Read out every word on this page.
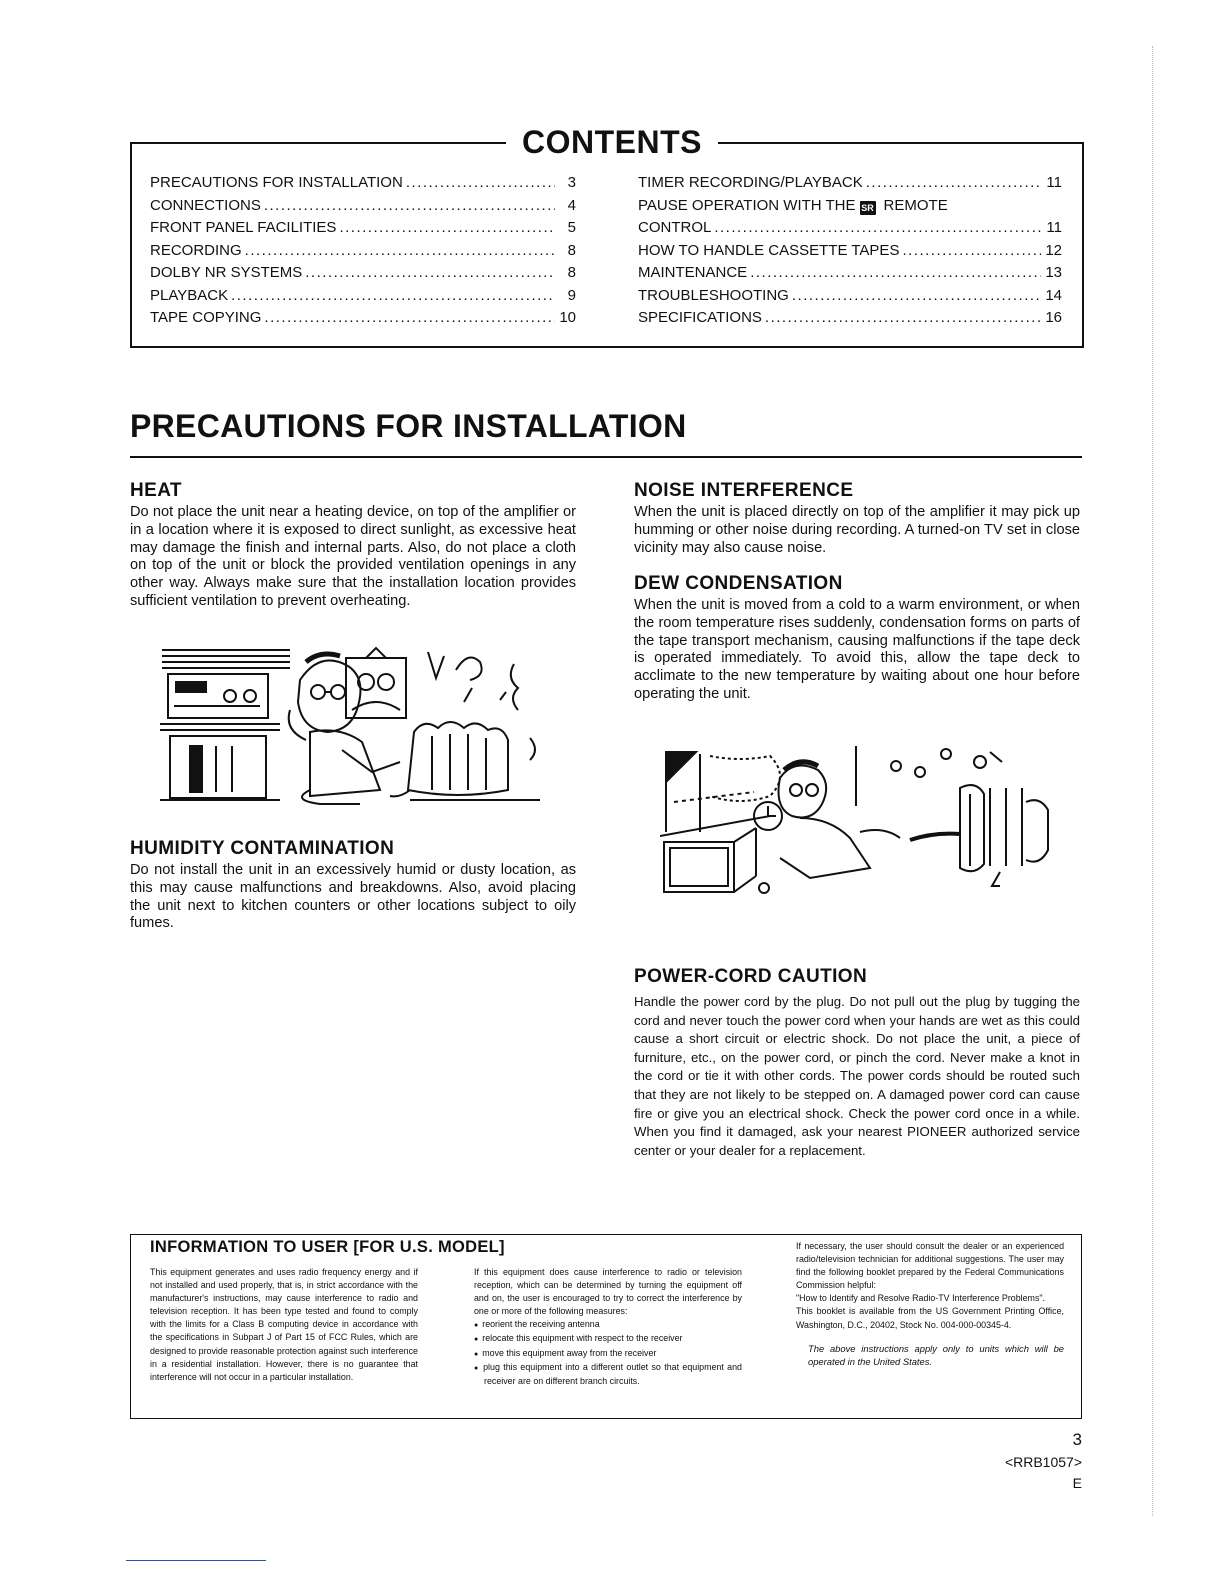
CONTENTS
PRECAUTIONS FOR INSTALLATION .....	3
CONNECTIONS .....	4
FRONT PANEL FACILITIES .....	5
RECORDING .....	8
DOLBY NR SYSTEMS .....	8
PLAYBACK .....	9
TAPE COPYING .....	10
TIMER RECORDING/PLAYBACK .....	11
PAUSE OPERATION WITH THE SR REMOTE
CONTROL .....	11
HOW TO HANDLE CASSETTE TAPES .....	12
MAINTENANCE .....	13
TROUBLESHOOTING .....	14
SPECIFICATIONS .....	16
PRECAUTIONS FOR INSTALLATION
HEAT
Do not place the unit near a heating device, on top of the amplifier or in a location where it is exposed to direct sunlight, as excessive heat may damage the finish and internal parts. Also, do not place a cloth on top of the unit or block the provided ventilation openings in any other way. Always make sure that the installation location provides sufficient ventilation to prevent overheating.
HUMIDITY CONTAMINATION
Do not install the unit in an excessively humid or dusty location, as this may cause malfunctions and breakdowns. Also, avoid placing the unit next to kitchen counters or other locations subject to oily fumes.
NOISE INTERFERENCE
When the unit is placed directly on top of the amplifier it may pick up humming or other noise during recording. A turned-on TV set in close vicinity may also cause noise.
DEW CONDENSATION
When the unit is moved from a cold to a warm environment, or when the room temperature rises suddenly, condensation forms on parts of the tape transport mechanism, causing malfunctions if the tape deck is operated immediately. To avoid this, allow the tape deck to acclimate to the new temperature by waiting about one hour before operating the unit.
POWER-CORD CAUTION
Handle the power cord by the plug. Do not pull out the plug by tugging the cord and never touch the power cord when your hands are wet as this could cause a short circuit or electric shock. Do not place the unit, a piece of furniture, etc., on the power cord, or pinch the cord. Never make a knot in the cord or tie it with other cords. The power cords should be routed such that they are not likely to be stepped on. A damaged power cord can cause fire or give you an electrical shock. Check the power cord once in a while. When you find it damaged, ask your nearest PIONEER authorized service center or your dealer for a replacement.
INFORMATION TO USER [FOR U.S. MODEL]
This equipment generates and uses radio frequency energy and if not installed and used properly, that is, in strict accordance with the manufacturer's instructions, may cause interference to radio and television reception. It has been type tested and found to comply with the limits for a Class B computing device in accordance with the specifications in Subpart J of Part 15 of FCC Rules, which are designed to provide reasonable protection against such interference in a residential installation. However, there is no guarantee that interference will not occur in a particular installation.
If this equipment does cause interference to radio or television reception, which can be determined by turning the equipment off and on, the user is encouraged to try to correct the interference by one or more of the following measures:
● reorient the receiving antenna
● relocate this equipment with respect to the receiver
● move this equipment away from the receiver
● plug this equipment into a different outlet so that equipment and receiver are on different branch circuits.
If necessary, the user should consult the dealer or an experienced radio/television technician for additional suggestions. The user may find the following booklet prepared by the Federal Communications Commission helpful:
"How to Identify and Resolve Radio-TV Interference Problems".
This booklet is available from the US Government Printing Office, Washington, D.C., 20402, Stock No. 004-000-00345-4.
The above instructions apply only to units which will be operated in the United States.
3
<RRB1057>
E
